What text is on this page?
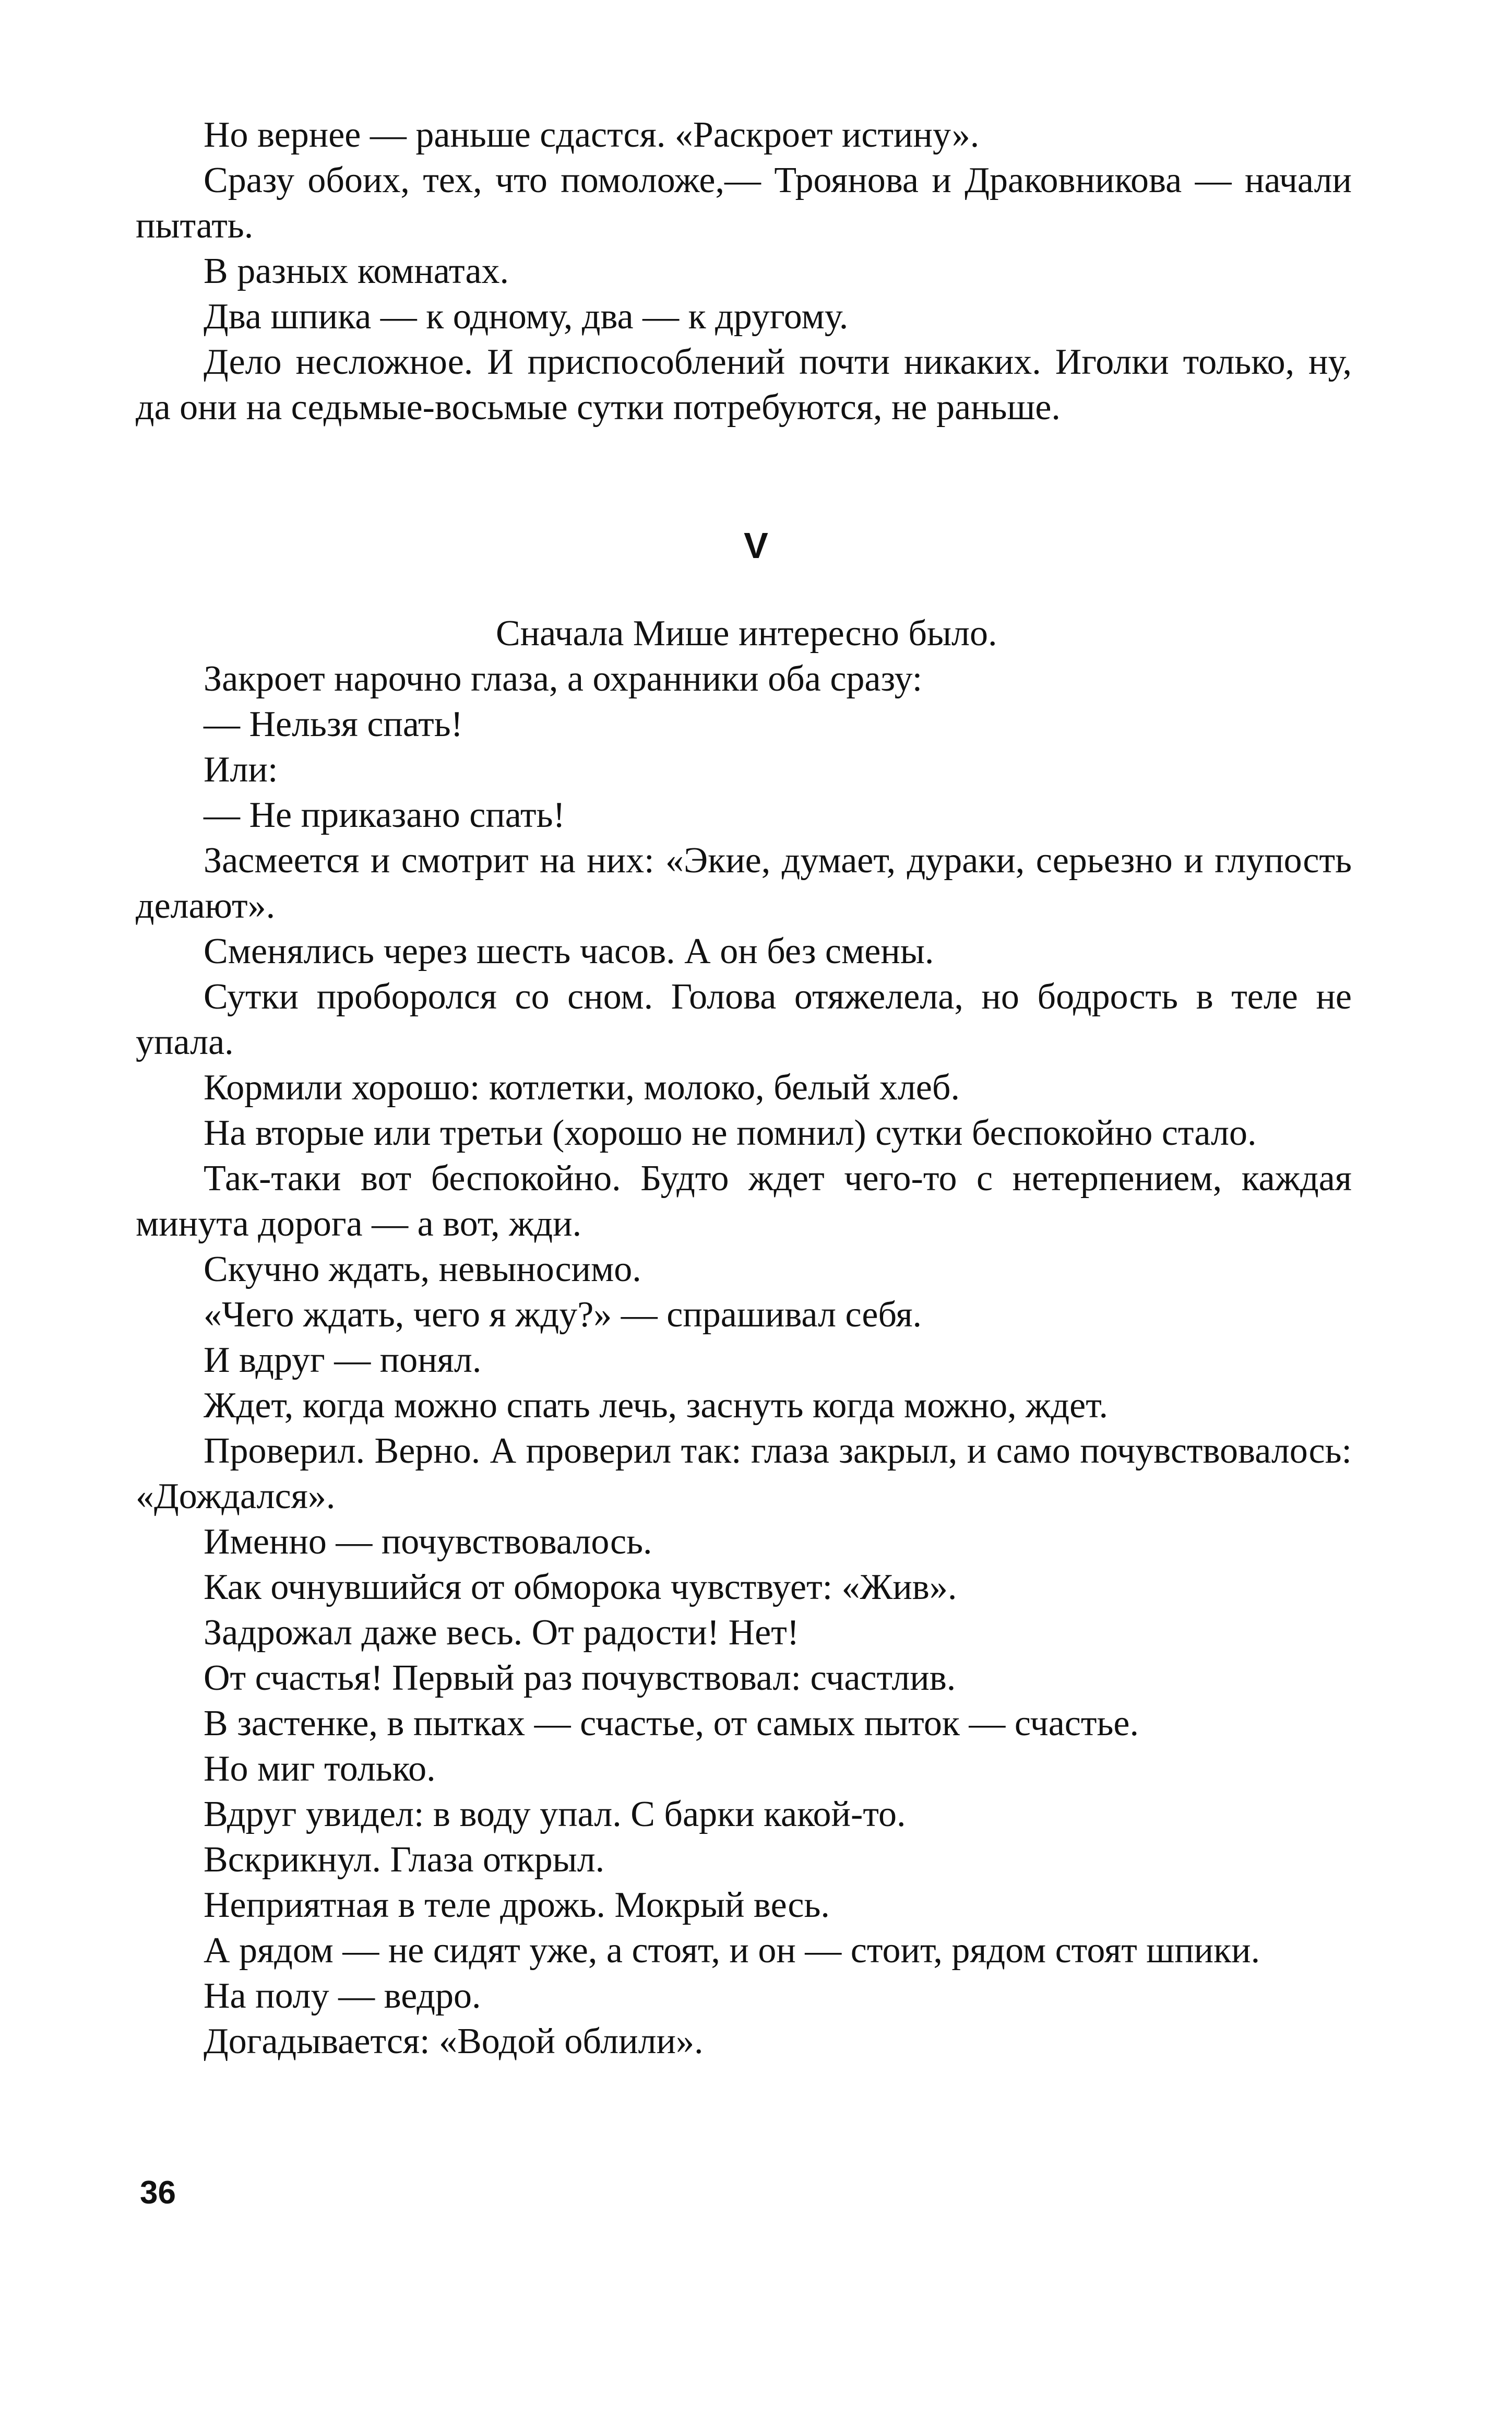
Но вернее — раньше сдастся. «Раскроет истину».

Сразу обоих, тех, что помоложе,— Троянова и Драковникова — начали пытать.

В разных комнатах.

Два шпика — к одному, два — к другому.

Дело несложное. И приспособлений почти никаких. Иголки только, ну, да они на седьмые-восьмые сутки потребуются, не раньше.

V

Сначала Мише интересно было.

Закроет нарочно глаза, а охранники оба сразу:

— Нельзя спать!

Или:

— Не приказано спать!

Засмеется и смотрит на них: «Экие, думает, дураки, серьезно и глупость делают».

Сменялись через шесть часов. А он без смены.

Сутки проборолся со сном. Голова отяжелела, но бодрость в теле не упала.

Кормили хорошо: котлетки, молоко, белый хлеб.

На вторые или третьи (хорошо не помнил) сутки беспокойно стало.

Так-таки вот беспокойно. Будто ждет чего-то с нетерпением, каждая минута дорога — а вот, жди.

Скучно ждать, невыносимо.

«Чего ждать, чего я жду?» — спрашивал себя.

И вдруг — понял.

Ждет, когда можно спать лечь, заснуть когда можно, ждет.

Проверил. Верно. А проверил так: глаза закрыл, и само почувствовалось: «Дождался».

Именно — почувствовалось.

Как очнувшийся от обморока чувствует: «Жив».

Задрожал даже весь. От радости! Нет!

От счастья! Первый раз почувствовал: счастлив.

В застенке, в пытках — счастье, от самых пыток — счастье.

Но миг только.

Вдруг увидел: в воду упал. С барки какой-то.

Вскрикнул. Глаза открыл.

Неприятная в теле дрожь. Мокрый весь.

А рядом — не сидят уже, а стоят, и он — стоит, рядом стоят шпики.

На полу — ведро.

Догадывается: «Водой облили».

36
